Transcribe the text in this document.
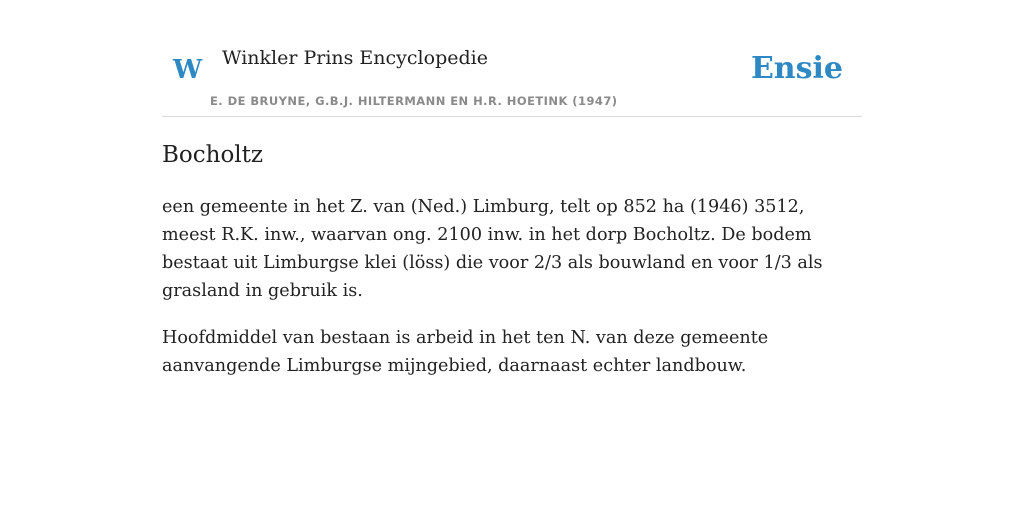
W Winkler Prins Encyclopedie
E. DE BRUYNE, G.B.J. HILTERMANN EN H.R. HOETINK (1947)
Ensie
Bocholtz

een gemeente in het Z. van (Ned.) Limburg, telt op 852 ha (1946) 3512, meest R.K. inw., waarvan ong. 2100 inw. in het dorp Bocholtz. De bodem bestaat uit Limburgse klei (löss) die voor 2/3 als bouwland en voor 1/3 als grasland in gebruik is.

Hoofdmiddel van bestaan is arbeid in het ten N. van deze gemeente aanvangende Limburgse mijngebied, daarnaast echter landbouw.
